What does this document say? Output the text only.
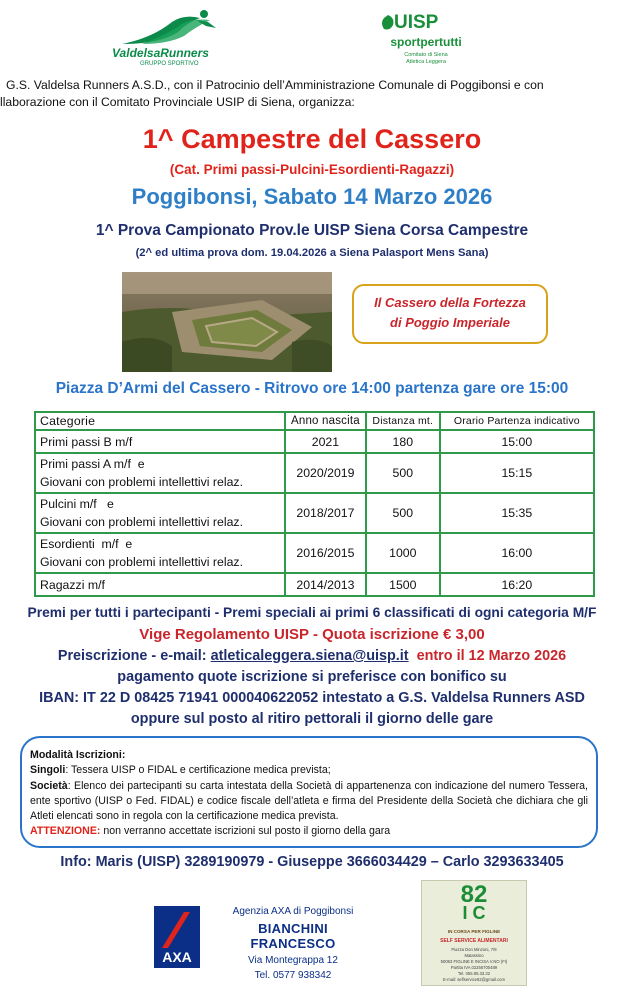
ValdelsaRunners
GRUPPO SPORTIVO
UISP
sportpertutti
Comitato di Siena
Atletica Leggera
G.S. Valdelsa Runners A.S.D., con il Patrocinio dell’Amministrazione Comunale di Poggibonsi e con
llaborazione con il Comitato Provinciale USIP di Siena, organizza:
1^ Campestre del Cassero
(Cat. Primi passi-Pulcini-Esordienti-Ragazzi)
Poggibonsi, Sabato 14 Marzo 2026
1^ Prova Campionato Prov.le UISP Siena Corsa Campestre
(2^ ed ultima prova dom. 19.04.2026 a Siena Palasport Mens Sana)
Il Cassero della Fortezza
di Poggio Imperiale
Piazza D’Armi del Cassero - Ritrovo ore 14:00 partenza gare ore 15:00
Categorie	Anno nascita	Distanza mt.	Orario Partenza indicativo
Primi passi B m/f	2021	180	15:00

Primi passi A m/f  e
Giovani con problemi intellettivi relaz.	2020/2019	500	15:15

Pulcini m/f   e
Giovani con problemi intellettivi relaz.	2018/2017	500	15:35

Esordienti  m/f  e
Giovani con problemi intellettivi relaz.	2016/2015	1000	16:00
Ragazzi m/f	2014/2013	1500	16:20
Premi per tutti i partecipanti - Premi speciali ai primi 6 classificati di ogni categoria M/F
Vige Regolamento UISP - Quota iscrizione € 3,00
Preiscrizione - e-mail: atleticaleggera.siena@uisp.it  entro il 12 Marzo 2026
pagamento quote iscrizione si preferisce con bonifico su
IBAN: IT 22 D 08425 71941 000040622052 intestato a G.S. Valdelsa Runners ASD
oppure sul posto al ritiro pettorali il giorno delle gare
Modalità Iscrizioni:
Singoli: Tessera UISP o FIDAL e certificazione medica prevista;
Società: Elenco dei partecipanti su carta intestata della Società di appartenenza con indicazione del numero Tessera, ente sportivo (UISP o Fed. FIDAL) e codice fiscale dell’atleta e firma del Presidente della Società che dichiara che gli Atleti elencati sono in regola con la certificazione medica prevista.
ATTENZIONE: non verranno accettate iscrizioni sul posto il giorno della gara
Info: Maris (UISP) 3289190979 - Giuseppe 3666034429 – Carlo 3293633405
AXA
Agenzia AXA di Poggibonsi
BIANCHINI FRANCESCO
Via Montegrappa 12
Tel. 0577 938342
82
I C
IN CORSA PER FIGLINE
SELF SERVICE ALIMENTARI
Piazza Don Minzoni, 7/8
Matassino
50063 FIGLINE E INCISA V.NO (FI)
Partita IVA 02256700489
Tel. 055.95.33.32
E-mail: selfservice82@gmail.com
